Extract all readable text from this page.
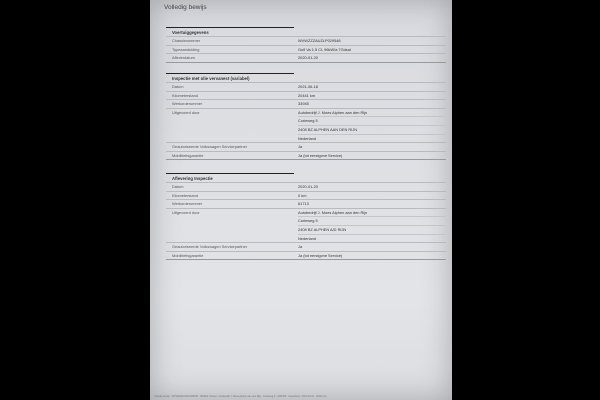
Volledig bewijs
Voertuiggegevens
Chassisnummer	WVWZZZAUZLP029548
Typeaanduiding	Golf Va 1.5 CL 96kW/a 7Gdsal
Afleverdatum	2020-01-20
Inspectie met olie vervanest (variabel)
Datum	2021-06-18
Kilometerstand	20441 km
Werkorderummer	33945
Uitgevoerd door	Autobedrijf J. Moes Alphen aan den Rijn
Curieweg 5
2408 BZ ALPHEN AAN DEN RIJN
Nederland
Geautoriseerde Volkswagen Servicepartner	Ja
Mobiliteitsgarantie	Ja (tot eerstgvne Service)
Aflevering Inspectie
Datum	2020-01-20
Kilometerstand	0 km
Werkorderummer	61713
Uitgevoerd door	Autobedrijf J. Moes Alphen aan den Rijn
Curieweg 5
2408 BZ ALPHEN A/D RIJN
Nederland
Geautoriseerde Volkswagen Servicepartner	Ja
Mobiliteitsgarantie	Ja (tot eerstgvne Service)
Volledig bewijs · WVWZZZAUZLP029548 · 96kW/a 7Gdsal · Autobedrijf J. Moes Alphen aan den Rijn · Curieweg 5 · 2408 BZ · Nederland · 2021-06-18 · 20441 km
